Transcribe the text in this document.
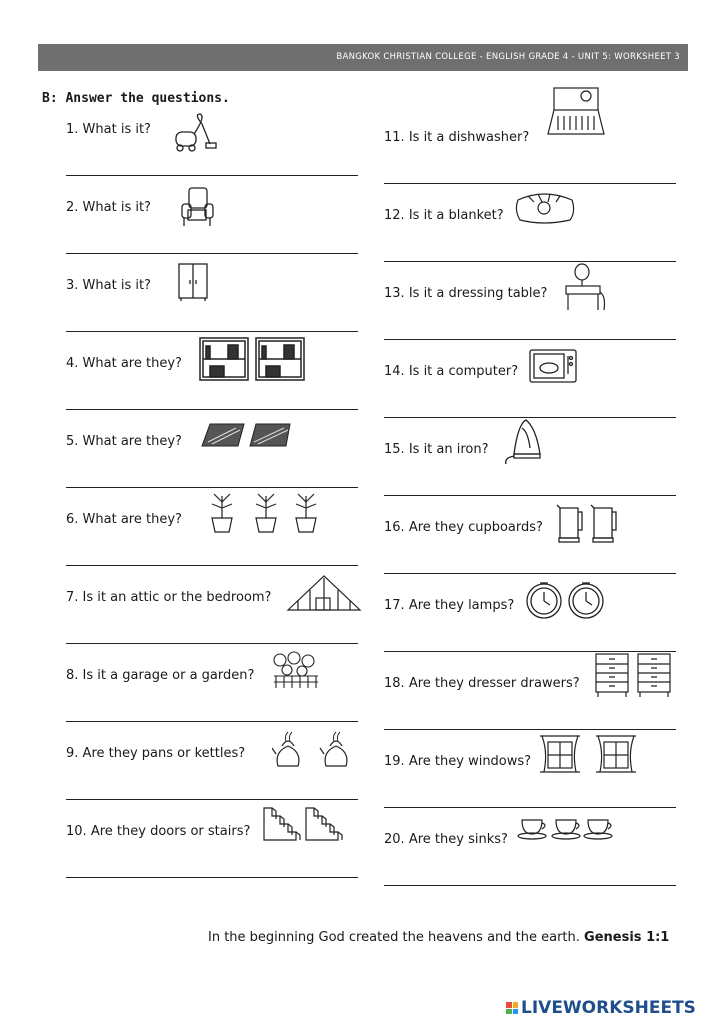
BANGKOK CHRISTIAN COLLEGE - ENGLISH GRADE 4 - UNIT 5: WORKSHEET 3
B: Answer the questions.
1. What is it?
2. What is it?
3. What is it?
4. What are they?
5. What are they?
6. What are they?
7. Is it an attic or the bedroom?
8. Is it a garage or a garden?
9. Are they pans or kettles?
10. Are they doors or stairs?
11. Is it a dishwasher?
12. Is it a blanket?
13. Is it a dressing table?
14. Is it a computer?
15. Is it an iron?
16. Are they cupboards?
17. Are they lamps?
18. Are they dresser drawers?
19. Are they windows?
20. Are they sinks?
In the beginning God created the heavens and the earth. Genesis 1:1
LIVEWORKSHEETS
